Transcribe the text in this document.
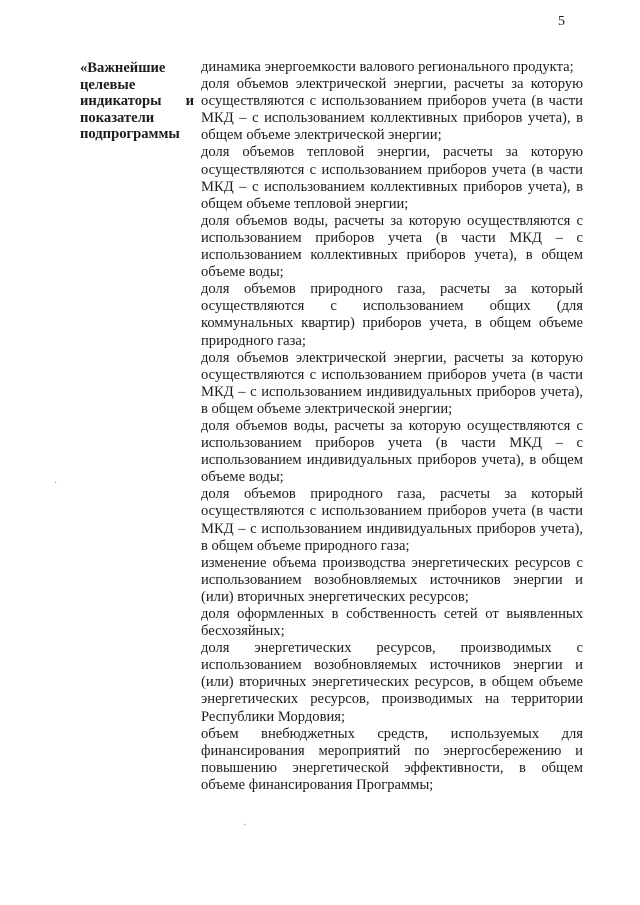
5
«Важнейшие
целевые
индикаторы и
показатели
подпрограммы

динамика энергоемкости валового регионального продукта;

доля объемов электрической энергии, расчеты за которую осуществляются с использованием приборов учета (в части МКД – с использованием коллективных приборов учета), в общем объеме электрической энергии;

доля объемов тепловой энергии, расчеты за которую осуществляются с использованием приборов учета (в части МКД – с использованием коллективных приборов учета), в общем объеме тепловой энергии;

доля объемов воды, расчеты за которую осуществляются с использованием приборов учета (в части МКД – с использованием коллективных приборов учета), в общем объеме воды;

доля объемов природного газа, расчеты за который осуществляются с использованием общих (для коммунальных квартир) приборов учета, в общем объеме природного газа;

доля объемов электрической энергии, расчеты за которую осуществляются с использованием приборов учета (в части МКД – с использованием индивидуальных приборов учета), в общем объеме электрической энергии;

доля объемов воды, расчеты за которую осуществляются с использованием приборов учета (в части МКД – с использованием индивидуальных приборов учета), в общем объеме воды;

доля объемов природного газа, расчеты за который осуществляются с использованием приборов учета (в части МКД – с использованием индивидуальных приборов учета), в общем объеме природного газа;

изменение объема производства энергетических ресурсов с использованием возобновляемых источников энергии и (или) вторичных энергетических ресурсов;

доля оформленных в собственность сетей от выявленных бесхозяйных;

доля энергетических ресурсов, производимых с использованием возобновляемых источников энергии и (или) вторичных энергетических ресурсов, в общем объеме энергетических ресурсов, производимых на территории Республики Мордовия;

объем внебюджетных средств, используемых для финансирования мероприятий по энергосбережению и повышению энергетической эффективности, в общем объеме финансирования Программы;

·
·
